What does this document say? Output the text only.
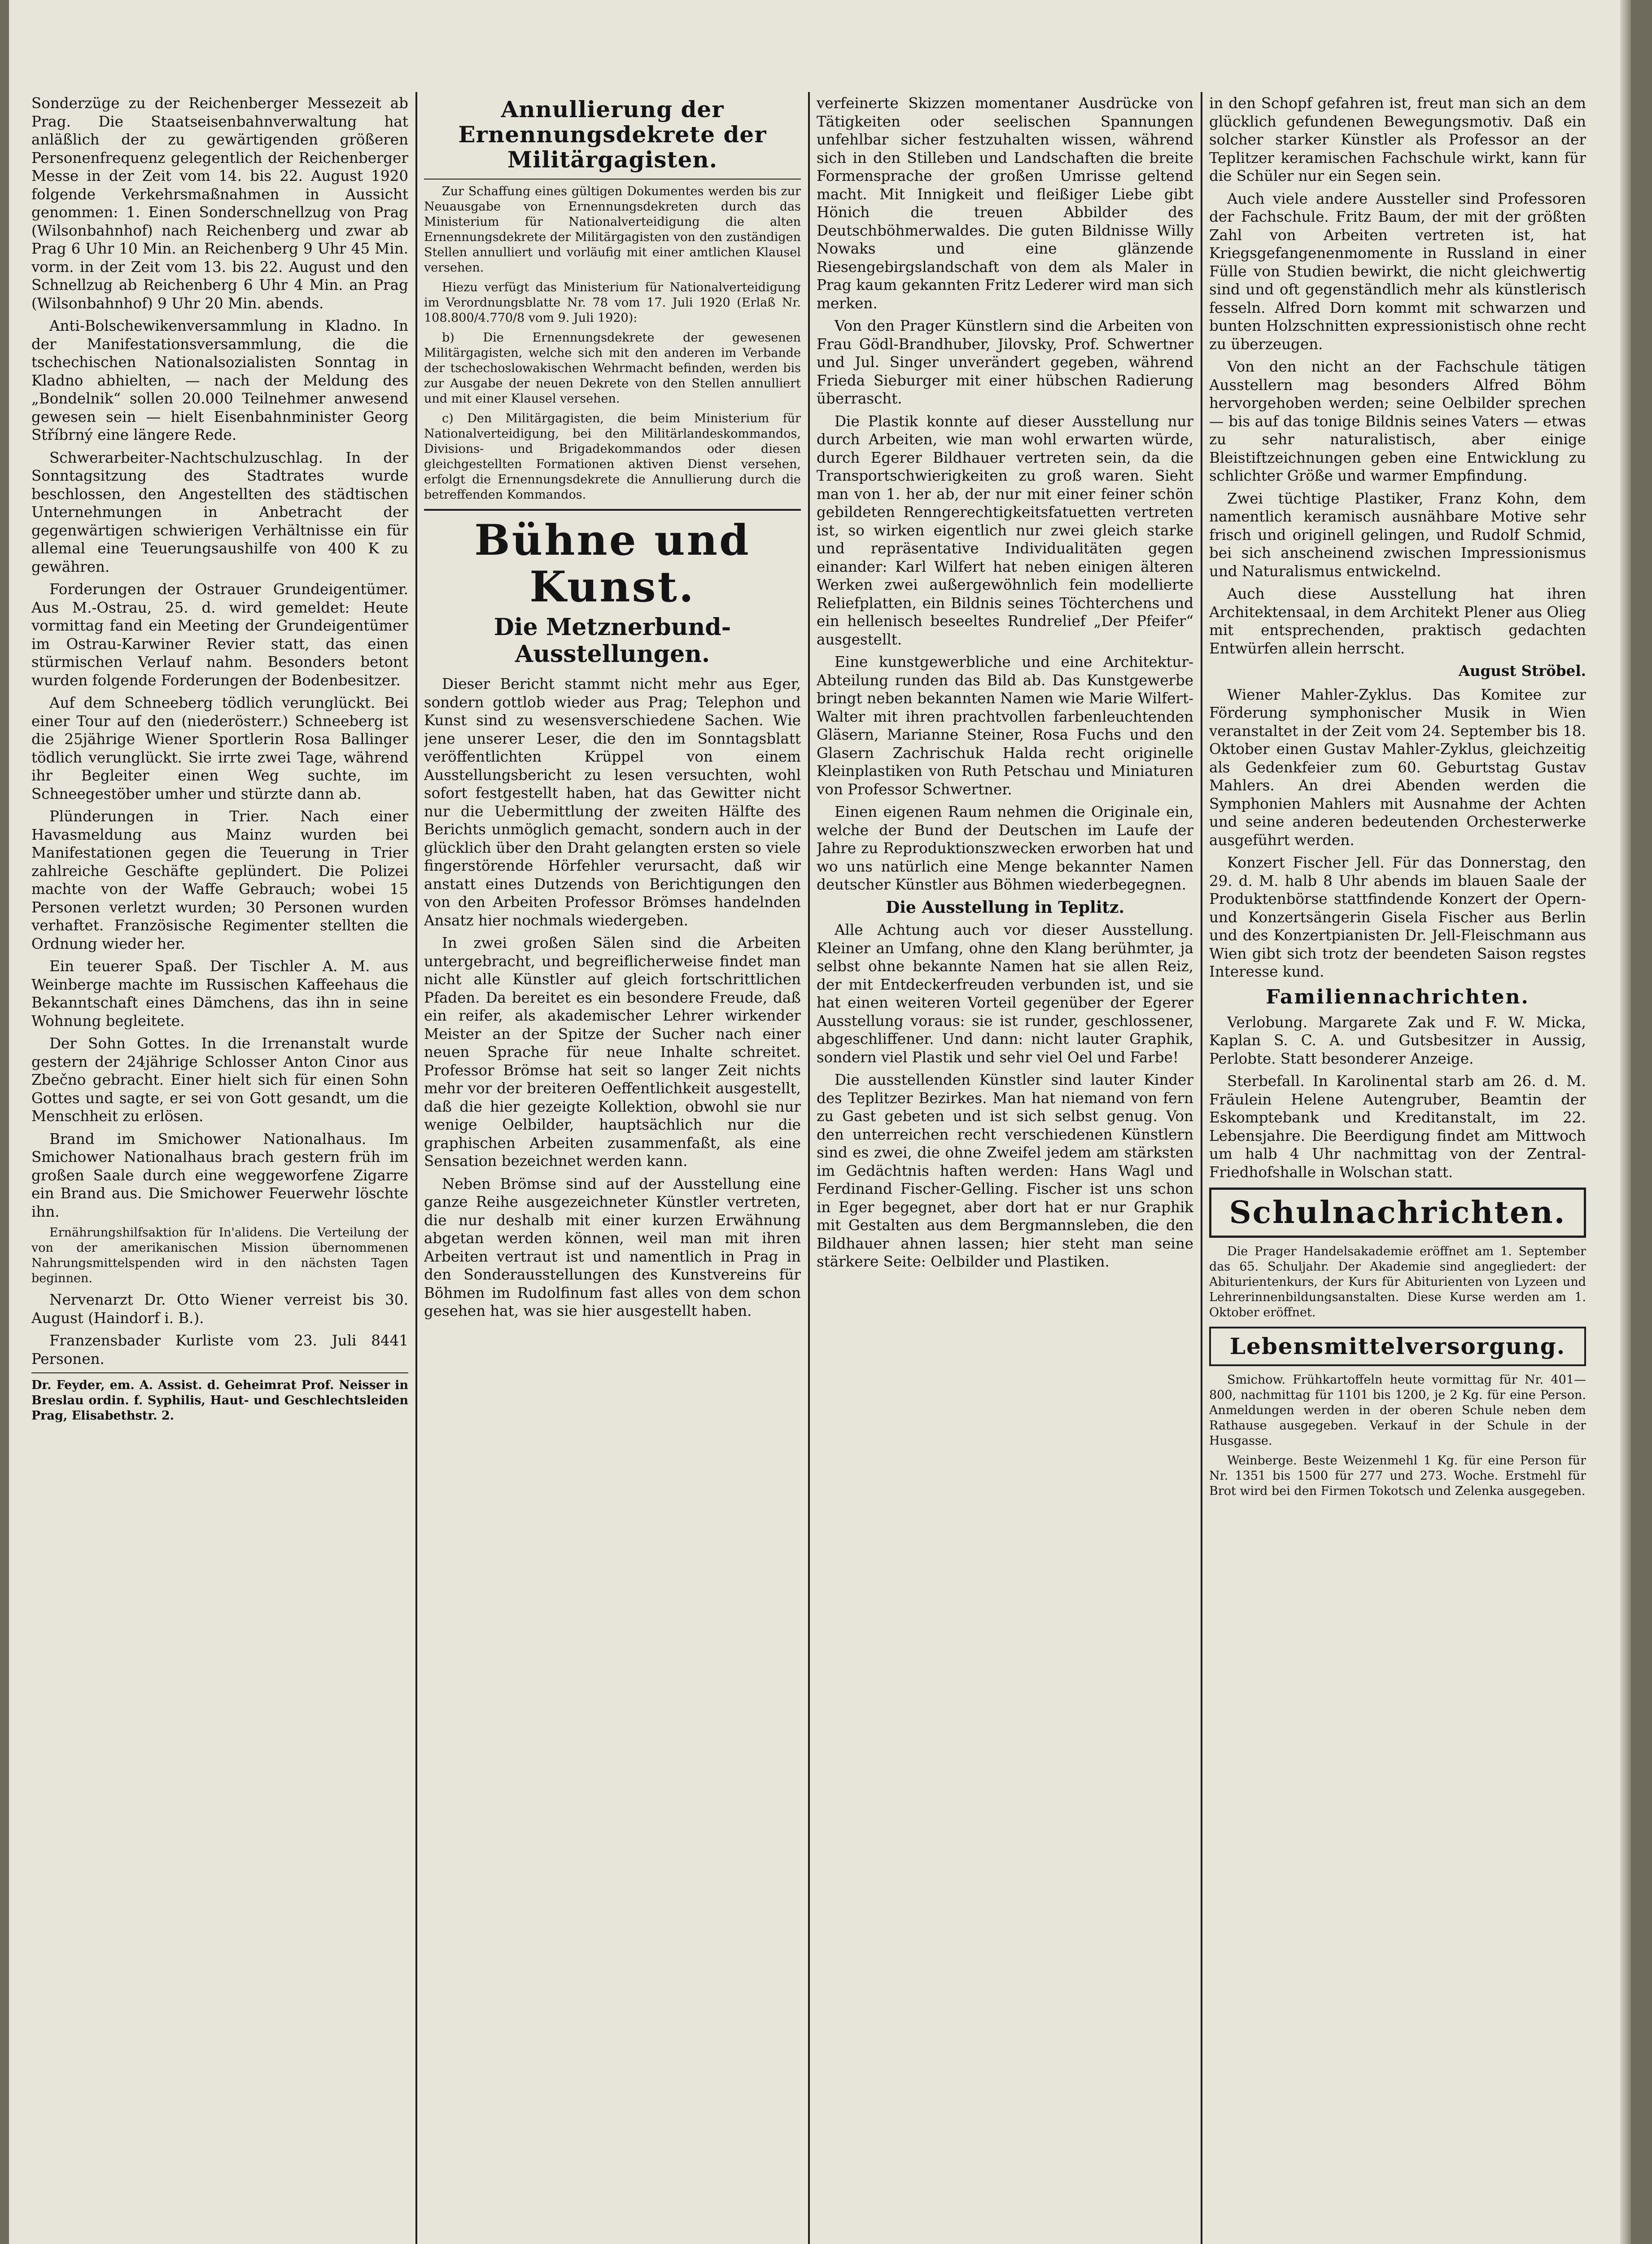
Sonderzüge zu der Reichenberger Messezeit ab Prag. Die Staatseisenbahnverwaltung hat anläßlich der zu gewärtigenden größeren Personenfrequenz gelegentlich der Reichenberger Messe in der Zeit vom 14. bis 22. August 1920 folgende Verkehrsmaßnahmen in Aussicht genommen: 1. Einen Sonderschnellzug von Prag (Wilsonbahnhof) nach Reichenberg und zwar ab Prag 6 Uhr 10 Min. an Reichenberg 9 Uhr 45 Min. vorm. in der Zeit vom 13. bis 22. August und den Schnellzug ab Reichenberg 6 Uhr 4 Min. an Prag (Wilsonbahnhof) 9 Uhr 20 Min. abends.

Anti-Bolschewikenversammlung in Kladno. In der Manifestationsversammlung, die die tschechischen Nationalsozialisten Sonntag in Kladno abhielten, — nach der Meldung des „Bondelnik“ sollen 20.000 Teilnehmer anwesend gewesen sein — hielt Eisenbahnminister Georg Stříbrný eine längere Rede.

Schwerarbeiter-Nachtschulzuschlag. In der Sonntagsitzung des Stadtrates wurde beschlossen, den Angestellten des städtischen Unternehmungen in Anbetracht der gegenwärtigen schwierigen Verhältnisse ein für allemal eine Teuerungsaushilfe von 400 K zu gewähren.

Forderungen der Ostrauer Grundeigentümer. Aus M.-Ostrau, 25. d. wird gemeldet: Heute vormittag fand ein Meeting der Grundeigentümer im Ostrau-Karwiner Revier statt, das einen stürmischen Verlauf nahm. Besonders betont wurden folgende Forderungen der Bodenbesitzer.

Auf dem Schneeberg tödlich verunglückt. Bei einer Tour auf den (niederösterr.) Schneeberg ist die 25jährige Wiener Sportlerin Rosa Ballinger tödlich verunglückt. Sie irrte zwei Tage, während ihr Begleiter einen Weg suchte, im Schneegestöber umher und stürzte dann ab.

Plünderungen in Trier. Nach einer Havasmeldung aus Mainz wurden bei Manifestationen gegen die Teuerung in Trier zahlreiche Geschäfte geplündert. Die Polizei machte von der Waffe Gebrauch; wobei 15 Personen verletzt wurden; 30 Personen wurden verhaftet. Französische Regimenter stellten die Ordnung wieder her.

Ein teuerer Spaß. Der Tischler A. M. aus Weinberge machte im Russischen Kaffeehaus die Bekanntschaft eines Dämchens, das ihn in seine Wohnung begleitete.

Der Sohn Gottes. In die Irrenanstalt wurde gestern der 24jährige Schlosser Anton Cinor aus Zbečno gebracht. Einer hielt sich für einen Sohn Gottes und sagte, er sei von Gott gesandt, um die Menschheit zu erlösen.

Brand im Smichower Nationalhaus. Im Smichower Nationalhaus brach gestern früh im großen Saale durch eine weggeworfene Zigarre ein Brand aus. Die Smichower Feuerwehr löschte ihn.

Ernährungshilfsaktion für In'alidens. Die Verteilung der von der amerikanischen Mission übernommenen Nahrungsmittelspenden wird in den nächsten Tagen beginnen.

Nervenarzt Dr. Otto Wiener verreist bis 30. August (Haindorf i. B.).

Franzensbader Kurliste vom 23. Juli 8441 Personen.

Dr. Feyder, em. A. Assist. d. Geheimrat Prof. Neisser in Breslau ordin. f. Syphilis, Haut- und Geschlechtsleiden Prag, Elisabethstr. 2.

Annullierung der Ernennungsdekrete der Militärgagisten.

Zur Schaffung eines gültigen Dokumentes werden bis zur Neuausgabe von Ernennungsdekreten durch das Ministerium für Nationalverteidigung die alten Ernennungsdekrete der Militärgagisten von den zuständigen Stellen annulliert und vorläufig mit einer amtlichen Klausel versehen.

Hiezu verfügt das Ministerium für Nationalverteidigung im Verordnungsblatte Nr. 78 vom 17. Juli 1920 (Erlaß Nr. 108.800/4.770/8 vom 9. Juli 1920):

b) Die Ernennungsdekrete der gewesenen Militärgagisten, welche sich mit den anderen im Verbande der tschechoslowakischen Wehrmacht befinden, werden bis zur Ausgabe der neuen Dekrete von den Stellen annulliert und mit einer Klausel versehen.

c) Den Militärgagisten, die beim Ministerium für Nationalverteidigung, bei den Militärlandeskommandos, Divisions- und Brigadekommandos oder diesen gleichgestellten Formationen aktiven Dienst versehen, erfolgt die Ernennungsdekrete die Annullierung durch die betreffenden Kommandos.

Bühne und Kunst.
Die Metznerbund-Ausstellungen.

Dieser Bericht stammt nicht mehr aus Eger, sondern gottlob wieder aus Prag; Telephon und Kunst sind zu wesensverschiedene Sachen. Wie jene unserer Leser, die den im Sonntagsblatt veröffentlichten Krüppel von einem Ausstellungsbericht zu lesen versuchten, wohl sofort festgestellt haben, hat das Gewitter nicht nur die Uebermittlung der zweiten Hälfte des Berichts unmöglich gemacht, sondern auch in der glücklich über den Draht gelangten ersten so viele fingerstörende Hörfehler verursacht, daß wir anstatt eines Dutzends von Berichtigungen den von den Arbeiten Professor Brömses handelnden Ansatz hier nochmals wiedergeben.

In zwei großen Sälen sind die Arbeiten untergebracht, und begreiflicherweise findet man nicht alle Künstler auf gleich fortschrittlichen Pfaden. Da bereitet es ein besondere Freude, daß ein reifer, als akademischer Lehrer wirkender Meister an der Spitze der Sucher nach einer neuen Sprache für neue Inhalte schreitet. Professor Brömse hat seit so langer Zeit nichts mehr vor der breiteren Oeffentlichkeit ausgestellt, daß die hier gezeigte Kollektion, obwohl sie nur wenige Oelbilder, hauptsächlich nur die graphischen Arbeiten zusammenfaßt, als eine Sensation bezeichnet werden kann.

Neben Brömse sind auf der Ausstellung eine ganze Reihe ausgezeichneter Künstler vertreten, die nur deshalb mit einer kurzen Erwähnung abgetan werden können, weil man mit ihren Arbeiten vertraut ist und namentlich in Prag in den Sonderausstellungen des Kunstvereins für Böhmen im Rudolfinum fast alles von dem schon gesehen hat, was sie hier ausgestellt haben.

verfeinerte Skizzen momentaner Ausdrücke von Tätigkeiten oder seelischen Spannungen unfehlbar sicher festzuhalten wissen, während sich in den Stilleben und Landschaften die breite Formensprache der großen Umrisse geltend macht. Mit Innigkeit und fleißiger Liebe gibt Hönich die treuen Abbilder des Deutschböhmerwaldes. Die guten Bildnisse Willy Nowaks und eine glänzende Riesengebirgslandschaft von dem als Maler in Prag kaum gekannten Fritz Lederer wird man sich merken.

Von den Prager Künstlern sind die Arbeiten von Frau Gödl-Brandhuber, Jilovsky, Prof. Schwertner und Jul. Singer unverändert gegeben, während Frieda Sieburger mit einer hübschen Radierung überrascht.

Die Plastik konnte auf dieser Ausstellung nur durch Arbeiten, wie man wohl erwarten würde, durch Egerer Bildhauer vertreten sein, da die Transportschwierigkeiten zu groß waren. Sieht man von 1. her ab, der nur mit einer feiner schön gebildeten Renngerechtigkeitsfatuetten vertreten ist, so wirken eigentlich nur zwei gleich starke und repräsentative Individualitäten gegen einander: Karl Wilfert hat neben einigen älteren Werken zwei außergewöhnlich fein modellierte Reliefplatten, ein Bildnis seines Töchterchens und ein hellenisch beseeltes Rundrelief „Der Pfeifer“ ausgestellt.

Eine kunstgewerbliche und eine Architektur-Abteilung runden das Bild ab. Das Kunstgewerbe bringt neben bekannten Namen wie Marie Wilfert-Walter mit ihren prachtvollen farbenleuchtenden Gläsern, Marianne Steiner, Rosa Fuchs und den Glasern Zachrischuk Halda recht originelle Kleinplastiken von Ruth Petschau und Miniaturen von Professor Schwertner.

Einen eigenen Raum nehmen die Originale ein, welche der Bund der Deutschen im Laufe der Jahre zu Reproduktionszwecken erworben hat und wo uns natürlich eine Menge bekannter Namen deutscher Künstler aus Böhmen wiederbegegnen.

Die Ausstellung in Teplitz.

Alle Achtung auch vor dieser Ausstellung. Kleiner an Umfang, ohne den Klang berühmter, ja selbst ohne bekannte Namen hat sie allen Reiz, der mit Entdeckerfreuden verbunden ist, und sie hat einen weiteren Vorteil gegenüber der Egerer Ausstellung voraus: sie ist runder, geschlossener, abgeschliffener. Und dann: nicht lauter Graphik, sondern viel Plastik und sehr viel Oel und Farbe!

Die ausstellenden Künstler sind lauter Kinder des Teplitzer Bezirkes. Man hat niemand von fern zu Gast gebeten und ist sich selbst genug. Von den unterreichen recht verschiedenen Künstlern sind es zwei, die ohne Zweifel jedem am stärksten im Gedächtnis haften werden: Hans Wagl und Ferdinand Fischer-Gelling. Fischer ist uns schon in Eger begegnet, aber dort hat er nur Graphik mit Gestalten aus dem Bergmannsleben, die den Bildhauer ahnen lassen; hier steht man seine stärkere Seite: Oelbilder und Plastiken.

in den Schopf gefahren ist, freut man sich an dem glücklich gefundenen Bewegungsmotiv. Daß ein solcher starker Künstler als Professor an der Teplitzer keramischen Fachschule wirkt, kann für die Schüler nur ein Segen sein.

Auch viele andere Aussteller sind Professoren der Fachschule. Fritz Baum, der mit der größten Zahl von Arbeiten vertreten ist, hat Kriegsgefangenenmomente in Russland in einer Fülle von Studien bewirkt, die nicht gleichwertig sind und oft gegenständlich mehr als künstlerisch fesseln. Alfred Dorn kommt mit schwarzen und bunten Holzschnitten expressionistisch ohne recht zu überzeugen.

Von den nicht an der Fachschule tätigen Ausstellern mag besonders Alfred Böhm hervorgehoben werden; seine Oelbilder sprechen — bis auf das tonige Bildnis seines Vaters — etwas zu sehr naturalistisch, aber einige Bleistiftzeichnungen geben eine Entwicklung zu schlichter Größe und warmer Empfindung.

Zwei tüchtige Plastiker, Franz Kohn, dem namentlich keramisch ausnähbare Motive sehr frisch und originell gelingen, und Rudolf Schmid, bei sich anscheinend zwischen Impressionismus und Naturalismus entwickelnd.

Auch diese Ausstellung hat ihren Architektensaal, in dem Architekt Plener aus Olieg mit entsprechenden, praktisch gedachten Entwürfen allein herrscht.

August Ströbel.

Wiener Mahler-Zyklus. Das Komitee zur Förderung symphonischer Musik in Wien veranstaltet in der Zeit vom 24. September bis 18. Oktober einen Gustav Mahler-Zyklus, gleichzeitig als Gedenkfeier zum 60. Geburtstag Gustav Mahlers. An drei Abenden werden die Symphonien Mahlers mit Ausnahme der Achten und seine anderen bedeutenden Orchesterwerke ausgeführt werden.

Konzert Fischer Jell. Für das Donnerstag, den 29. d. M. halb 8 Uhr abends im blauen Saale der Produktenbörse stattfindende Konzert der Opern- und Konzertsängerin Gisela Fischer aus Berlin und des Konzertpianisten Dr. Jell-Fleischmann aus Wien gibt sich trotz der beendeten Saison regstes Interesse kund.

Familiennachrichten.

Verlobung. Margarete Zak und F. W. Micka, Kaplan S. C. A. und Gutsbesitzer in Aussig, Perlobte. Statt besonderer Anzeige.

Sterbefall. In Karolinental starb am 26. d. M. Fräulein Helene Autengruber, Beamtin der Eskomptebank und Kreditanstalt, im 22. Lebensjahre. Die Beerdigung findet am Mittwoch um halb 4 Uhr nachmittag von der Zentral-Friedhofshalle in Wolschan statt.

Schulnachrichten.

Die Prager Handelsakademie eröffnet am 1. September das 65. Schuljahr. Der Akademie sind angegliedert: der Abiturientenkurs, der Kurs für Abiturienten von Lyzeen und Lehrerinnenbildungsanstalten. Diese Kurse werden am 1. Oktober eröffnet.

Lebensmittelversorgung.

Smichow. Frühkartoffeln heute vormittag für Nr. 401—800, nachmittag für 1101 bis 1200, je 2 Kg. für eine Person. Anmeldungen werden in der oberen Schule neben dem Rathause ausgegeben. Verkauf in der Schule in der Husgasse.

Weinberge. Beste Weizenmehl 1 Kg. für eine Person für Nr. 1351 bis 1500 für 277 und 273. Woche. Erstmehl für Brot wird bei den Firmen Tokotsch und Zelenka ausgegeben.
